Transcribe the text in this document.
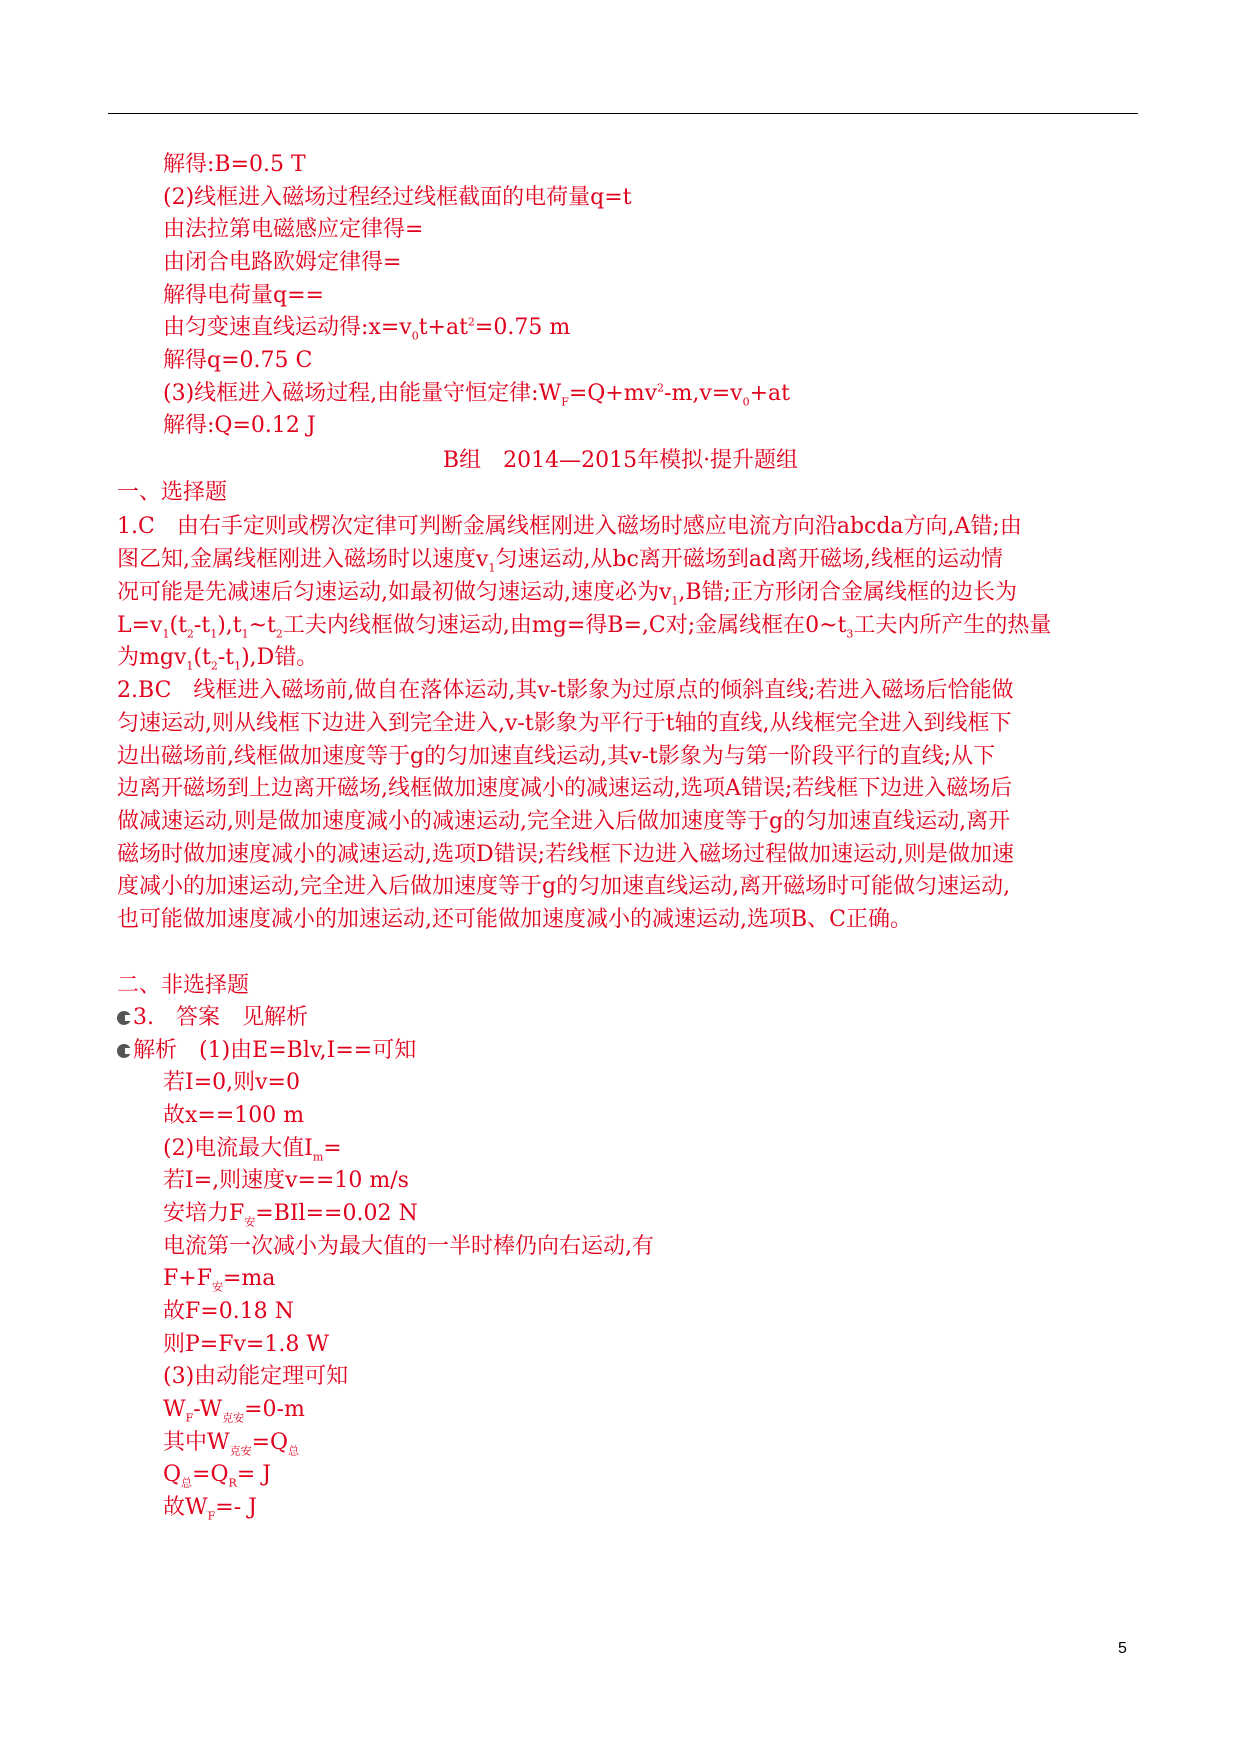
解得:B=0.5 T
(2)线框进入磁场过程经过线框截面的电荷量q=t
由法拉第电磁感应定律得=
由闭合电路欧姆定律得=
解得电荷量q==
由匀变速直线运动得$:x=v_0t+at^2=0.75$ m
解得q=0.75 C
(3)线框进入磁场过程,由能量守恒定律$:W_F=Q+mv^2-m,v=v_0+at$
解得:Q=0.12 J
B组　2014—2015年模拟·提升题组
一、选择题
1.C　由右手定则或楞次定律可判断金属线框刚进入磁场时感应电流方向沿abcda方向,A错;由
图乙知,金属线框刚进入磁场时以速度$v_1$匀速运动,从bc离开磁场到ad离开磁场,线框的运动情
况可能是先减速后匀速运动,如最初做匀速运动,速度必为$v_1,B$错;正方形闭合金属线框的边长为
$L=v_1(t_2-t_1),t_1\sim t_2$工夫内线框做匀速运动,由mg=得B=,C对;金属线框在$0\sim t_3$工夫内所产生的热量
为$mgv_1(t_2-t_1),D$错。
2.BC　线框进入磁场前,做自在落体运动,其v-t影象为过原点的倾斜直线;若进入磁场后恰能做
匀速运动,则从线框下边进入到完全进入,v-t影象为平行于t轴的直线,从线框完全进入到线框下
边出磁场前,线框做加速度等于g的匀加速直线运动,其v-t影象为与第一阶段平行的直线;从下
边离开磁场到上边离开磁场,线框做加速度减小的减速运动,选项A错误;若线框下边进入磁场后
做减速运动,则是做加速度减小的减速运动,完全进入后做加速度等于g的匀加速直线运动,离开
磁场时做加速度减小的减速运动,选项D错误;若线框下边进入磁场过程做加速运动,则是做加速
度减小的加速运动,完全进入后做加速度等于g的匀加速直线运动,离开磁场时可能做匀速运动,
也可能做加速度减小的加速运动,还可能做加速度减小的减速运动,选项B、C正确。
二、非选择题
3.　答案　见解析
解析　(1)由E=Blv,I==可知
若I=0,则v=0
故x==100 m
(2)电流最大值$I_m=$
若I=,则速度v==10 m/s
安培力$F_安=BIl==0.02$ N
电流第一次减小为最大值的一半时棒仍向右运动,有
$F+F_安=ma$
故F=0.18 N
则P=Fv=1.8 W
(3)由动能定理可知
$W_F-W_{克安}=0-m$
其中$W_{克安}=Q_总$
$Q_总=Q_R= J$
故$W_F=-$ J
5
